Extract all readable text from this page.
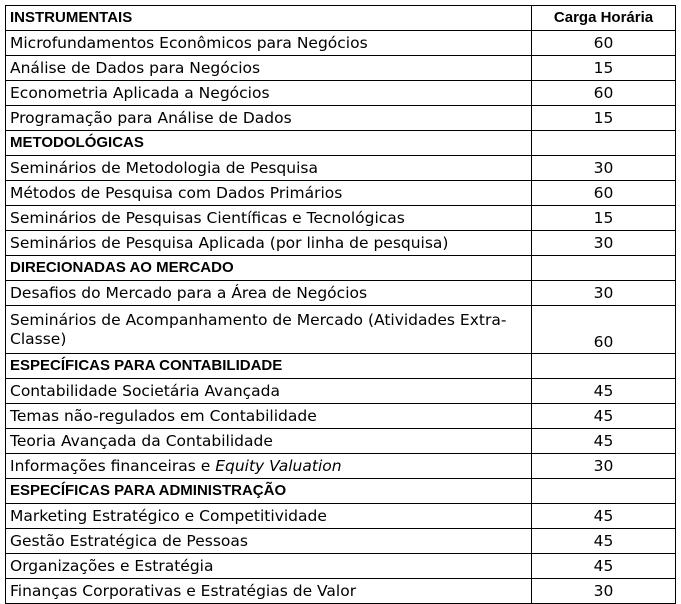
INSTRUMENTAIS	Carga Horária
Microfundamentos Econômicos para Negócios	60
Análise de Dados para Negócios	15
Econometria Aplicada a Negócios	60
Programação para Análise de Dados	15
METODOLÓGICAS	
Seminários de Metodologia de Pesquisa	30
Métodos de Pesquisa com Dados Primários	60
Seminários de Pesquisas Científicas e Tecnológicas	15
Seminários de Pesquisa Aplicada (por linha de pesquisa)	30
DIRECIONADAS AO MERCADO	
Desafios do Mercado para a Área de Negócios	30
Seminários de Acompanhamento de Mercado (Atividades Extra-Classe)	60
ESPECÍFICAS PARA CONTABILIDADE	
Contabilidade Societária Avançada	45
Temas não-regulados em Contabilidade	45
Teoria Avançada da Contabilidade	45
Informações financeiras e Equity Valuation	30
ESPECÍFICAS PARA ADMINISTRAÇÃO	
Marketing Estratégico e Competitividade	45
Gestão Estratégica de Pessoas	45
Organizações e Estratégia	45
Finanças Corporativas e Estratégias de Valor	30
